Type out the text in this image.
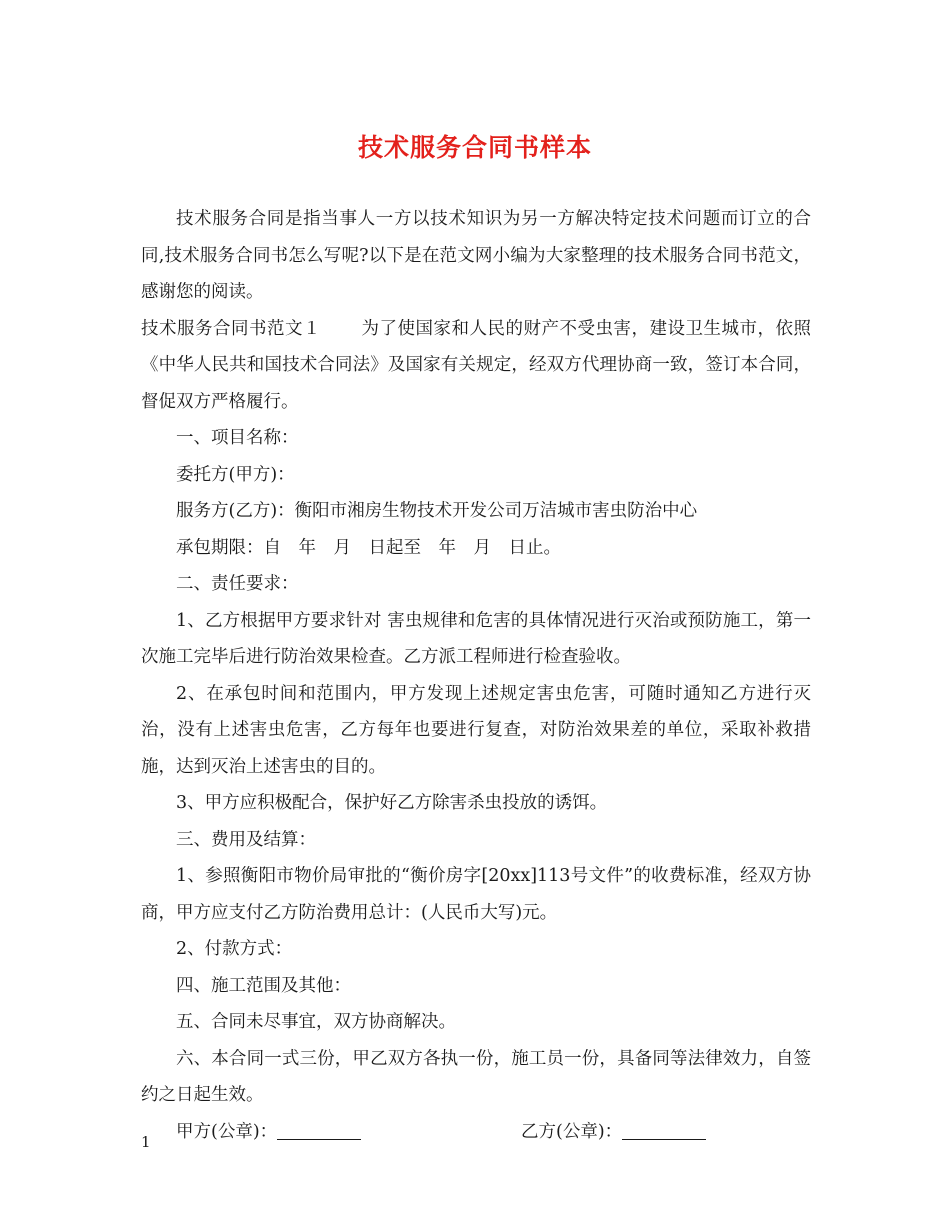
技术服务合同书样本

技术服务合同是指当事人一方以技术知识为另一方解决特定技术问题而订立的合同,技术服务合同书怎么写呢?以下是在范文网小编为大家整理的技术服务合同书范文，感谢您的阅读。

技术服务合同书范文１ 为了使国家和人民的财产不受虫害，建设卫生城市，依照《中华人民共和国技术合同法》及国家有关规定，经双方代理协商一致，签订本合同，督促双方严格履行。

一、项目名称：

委托方(甲方)：

服务方(乙方)：衡阳市湘房生物技术开发公司万洁城市害虫防治中心

承包期限：自　年　月　日起至　年　月　日止。

二、责任要求：

1、乙方根据甲方要求针对 害虫规律和危害的具体情况进行灭治或预防施工，第一次施工完毕后进行防治效果检查。乙方派工程师进行检查验收。

2、在承包时间和范围内，甲方发现上述规定害虫危害，可随时通知乙方进行灭治，没有上述害虫危害，乙方每年也要进行复查，对防治效果差的单位，采取补救措施，达到灭治上述害虫的目的。

3、甲方应积极配合，保护好乙方除害杀虫投放的诱饵。

三、费用及结算：

1、参照衡阳市物价局审批的“衡价房字[20xx]113号文件”的收费标准，经双方协商，甲方应支付乙方防治费用总计：(人民币大写)元。

2、付款方式：

四、施工范围及其他：

五、合同未尽事宜，双方协商解决。

六、本合同一式三份，甲乙双方各执一份，施工员一份，具备同等法律效力，自签约之日起生效。

甲方(公章)：	乙方(公章)：
1
